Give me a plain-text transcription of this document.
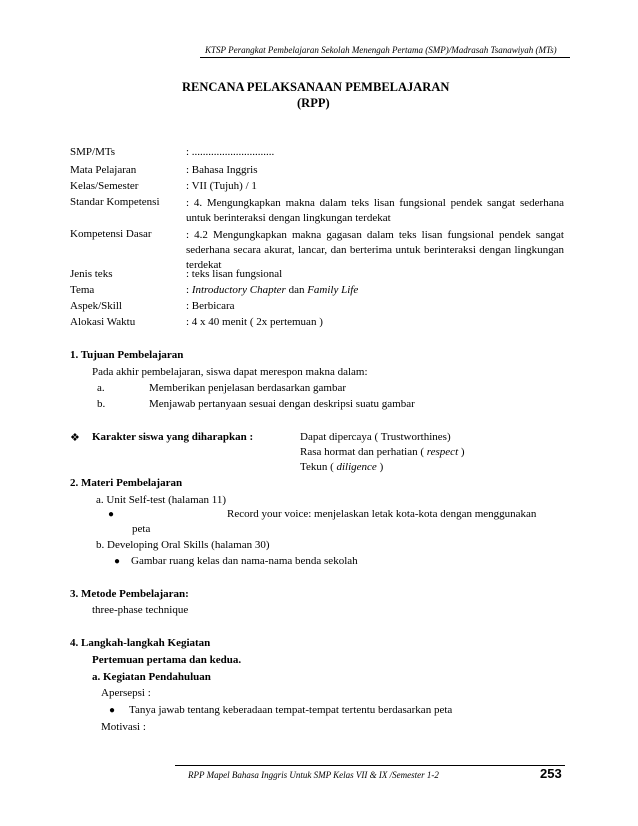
KTSP Perangkat Pembelajaran Sekolah Menengah Pertama (SMP)/Madrasah Tsanawiyah (MTs)
RENCANA PELAKSANAAN PEMBELAJARAN
(RPP)
SMP/MTs	: ..............................
Mata Pelajaran	: Bahasa Inggris
Kelas/Semester	: VII (Tujuh) / 1
Standar Kompetensi : 4. Mengungkapkan makna dalam teks lisan fungsional pendek sangat sederhana untuk berinteraksi dengan lingkungan terdekat
Kompetensi Dasar	: 4.2 Mengungkapkan makna gagasan dalam teks lisan fungsional pendek sangat sederhana secara akurat, lancar, dan berterima untuk berinteraksi dengan lingkungan terdekat
Jenis teks	: teks lisan fungsional
Tema	: Introductory Chapter dan Family Life
Aspek/Skill	: Berbicara
Alokasi Waktu	: 4 x 40 menit ( 2x pertemuan )
1. Tujuan Pembelajaran
Pada akhir pembelajaran, siswa dapat merespon makna dalam:
a.	Memberikan penjelasan berdasarkan gambar
b.	Menjawab pertanyaan sesuai dengan deskripsi suatu gambar
❖ Karakter siswa yang diharapkan :	Dapat dipercaya ( Trustworthines)
Rasa hormat dan perhatian ( respect )
Tekun ( diligence )
2. Materi Pembelajaran
a. Unit Self-test (halaman 11)
●	Record your voice: menjelaskan letak kota-kota dengan menggunakan
peta
b. Developing Oral Skills (halaman 30)
● Gambar ruang kelas dan nama-nama benda sekolah
3. Metode Pembelajaran:
three-phase technique
4. Langkah-langkah Kegiatan
Pertemuan pertama dan kedua.
a. Kegiatan Pendahuluan
Apersepsi :
● Tanya jawab tentang keberadaan tempat-tempat tertentu berdasarkan peta
Motivasi :
RPP Mapel Bahasa Inggris Untuk SMP Kelas VII & IX /Semester 1-2	253
